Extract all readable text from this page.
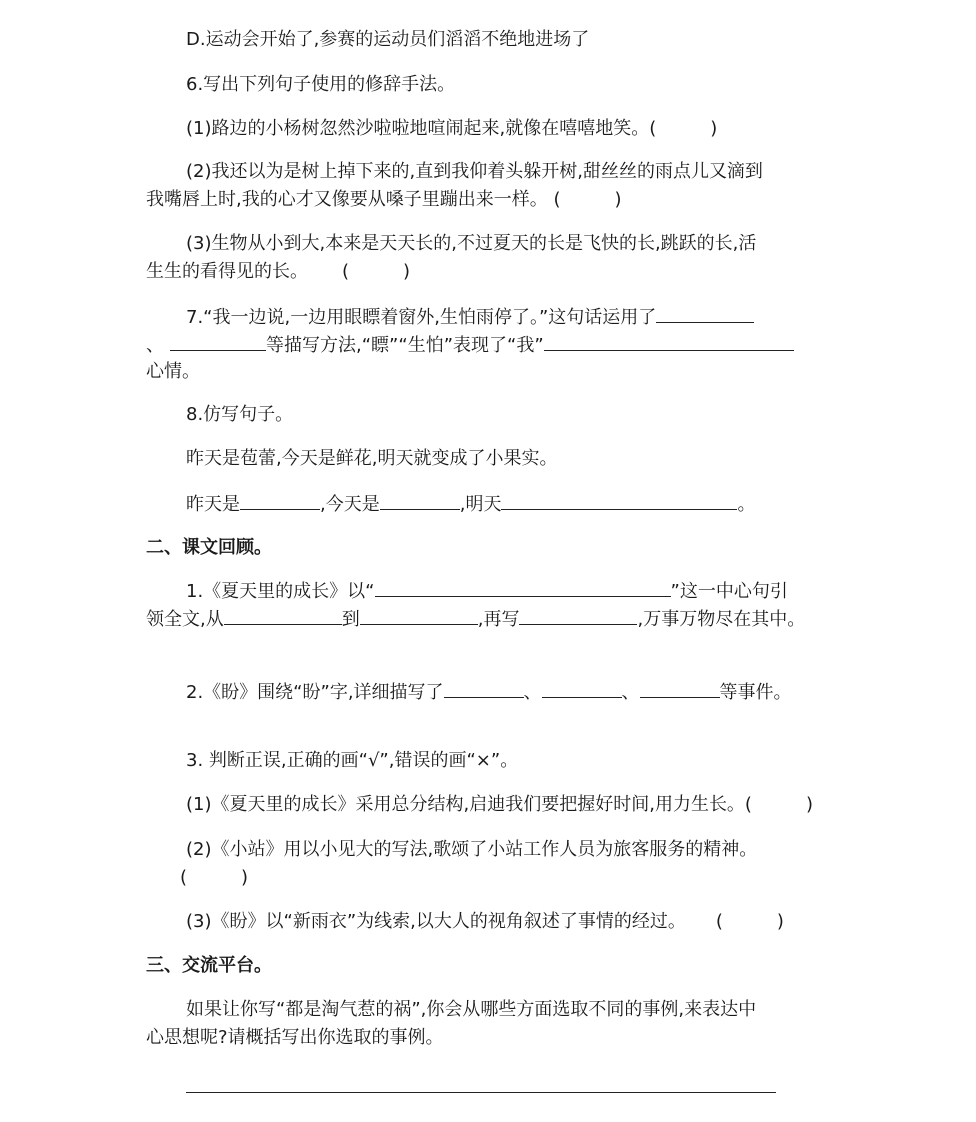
D.运动会开始了,参赛的运动员们滔滔不绝地进场了
6.写出下列句子使用的修辞手法。
(1)路边的小杨树忽然沙啦啦地喧闹起来,就像在嘻嘻地笑。(	)
(2)我还以为是树上掉下来的,直到我仰着头躲开树,甜丝丝的雨点儿又滴到
我嘴唇上时,我的心才又像要从嗓子里蹦出来一样。 (	)
(3)生物从小到大,本来是天天长的,不过夏天的长是飞快的长,跳跃的长,活
生生的看得见的长。 (	)
7.“我一边说,一边用眼瞟着窗外,生怕雨停了。”这句话运用了
、	等描写方法,“瞟”“生怕”表现了“我”
心情。
8.仿写句子。
昨天是苞蕾,今天是鲜花,明天就变成了小果实。
昨天是	,今天是	,明天	。
二、课文回顾。
1.《夏天里的成长》以“	”这一中心句引
领全文,从	到	,再写	,万事万物尽在其中。
2.《盼》围绕“盼”字,详细描写了	、	、	等事件。
3. 判断正误,正确的画“√”,错误的画“×”。
(1)《夏天里的成长》采用总分结构,启迪我们要把握好时间,用力生长。(	)
(2)《小站》用以小见大的写法,歌颂了小站工作人员为旅客服务的精神。
(	)
(3)《盼》以“新雨衣”为线索,以大人的视角叙述了事情的经过。 (	)
三、交流平台。
如果让你写“都是淘气惹的祸”,你会从哪些方面选取不同的事例,来表达中
心思想呢?请概括写出你选取的事例。
